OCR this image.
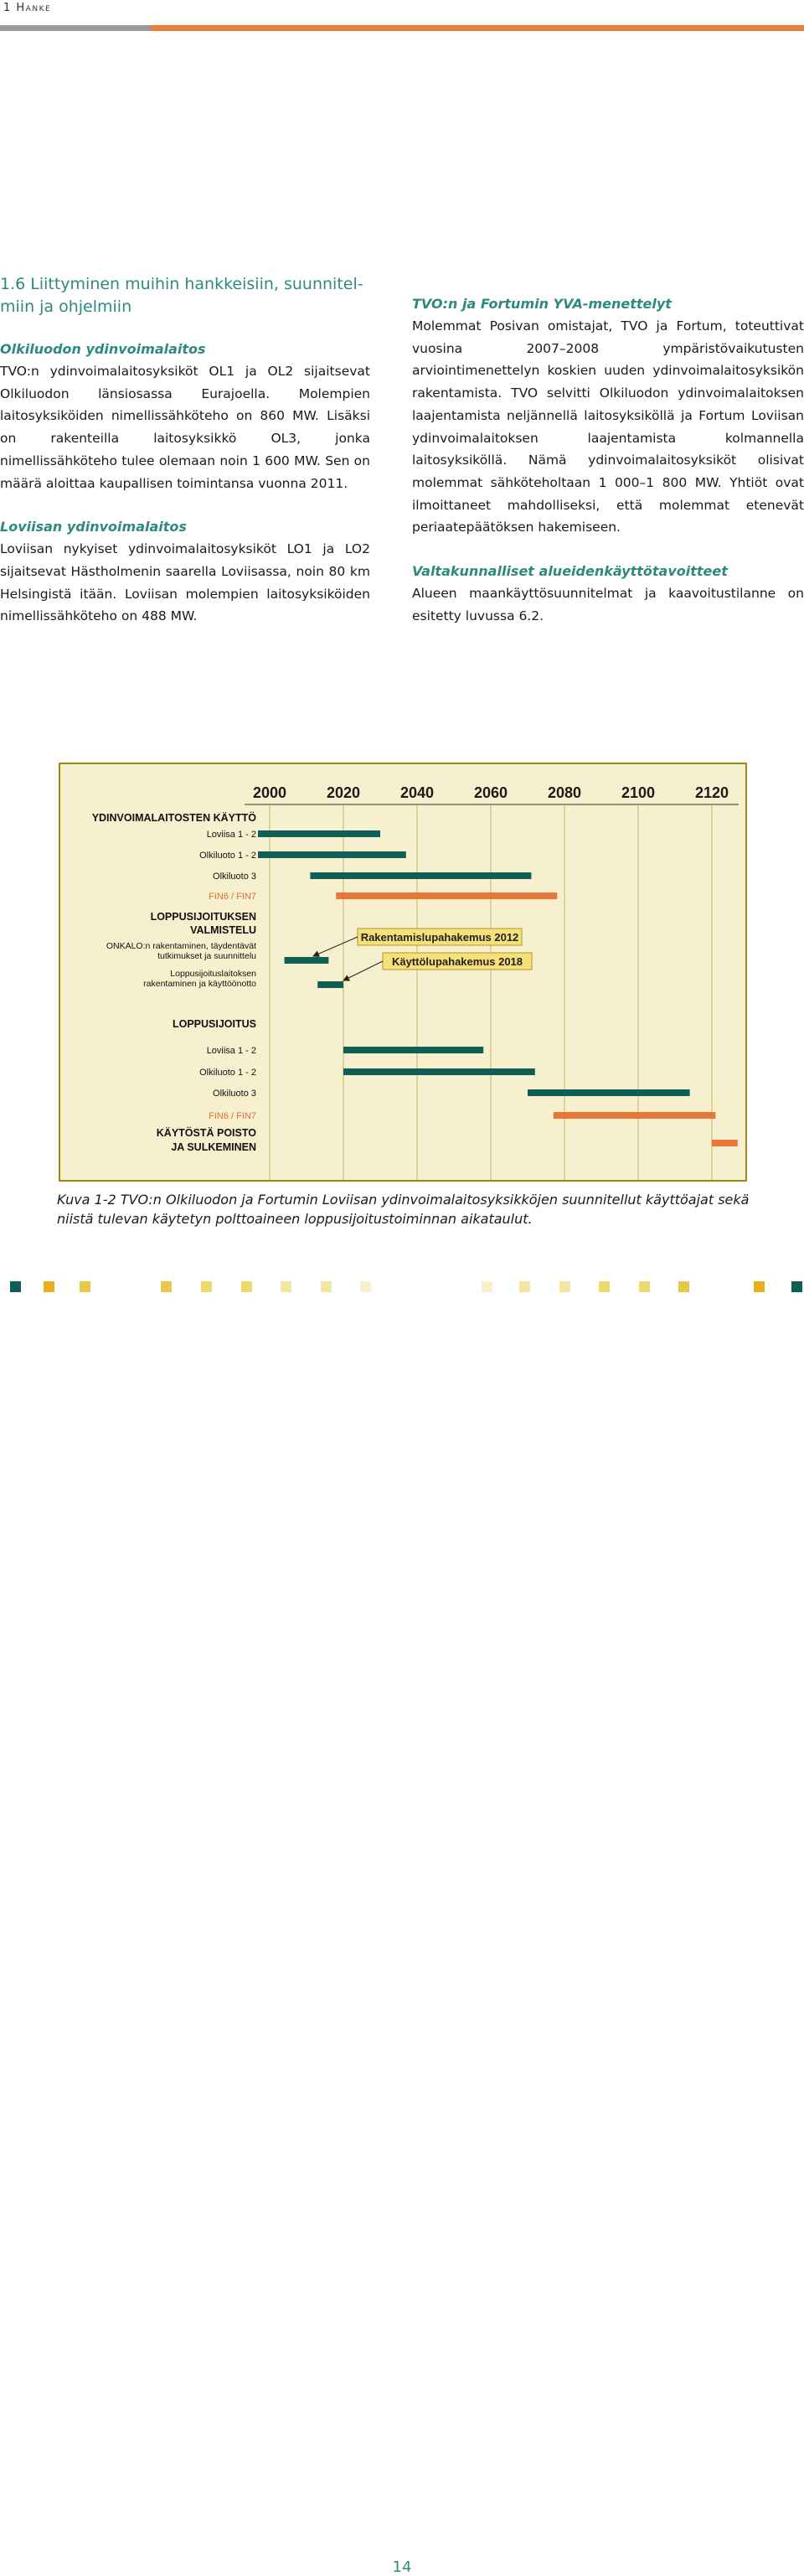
1 Hanke
1.6 Liittyminen muihin hankkeisiin, suunnitel-
miin ja ohjelmiin

Olkiluodon ydinvoimalaitos

TVO:n ydinvoimalaitosyksiköt OL1 ja OL2 sijaitsevat Olkiluodon länsiosassa Eurajoella. Molempien laitosyksiköiden nimellissähköteho on 860 MW. Lisäksi on rakenteilla laitosyksikkö OL3, jonka nimellissähköteho tulee olemaan noin 1 600 MW. Sen on määrä aloittaa kaupallisen toimintansa vuonna 2011.

Loviisan ydinvoimalaitos

Loviisan nykyiset ydinvoimalaitosyksiköt LO1 ja LO2 sijaitsevat Hästholmenin saarella Loviisassa, noin 80 km Helsingistä itään. Loviisan molempien laitosyksiköiden nimellissähköteho on 488 MW.

TVO:n ja Fortumin YVA-menettelyt

Molemmat Posivan omistajat, TVO ja Fortum, toteuttivat vuosina 2007–2008 ympäristövaikutusten arviointimenettelyn koskien uuden ydinvoimalaitosyksikön rakentamista. TVO selvitti Olkiluodon ydinvoimalaitoksen laajentamista neljännellä laitosyksiköllä ja Fortum Loviisan ydinvoimalaitoksen laajentamista kolmannella laitosyksiköllä. Nämä ydinvoimalaitosyksiköt olisivat molemmat sähköteholtaan 1 000–1 800 MW. Yhtiöt ovat ilmoittaneet mahdolliseksi, että molemmat etenevät periaatepäätöksen hakemiseen.

Valtakunnalliset alueidenkäyttötavoitteet

Alueen maankäyttösuunnitelmat ja kaavoitustilanne on esitetty luvussa 6.2.

2000	2020	2040	2060	2080	2100	2120
YDINVOIMALAITOSTEN KÄYTTÖ
LOPPUSIJOITUKSEN
VALMISTELU
LOPPUSIJOITUS
KÄYTÖSTÄ POISTO
JA SULKEMINEN
Loviisa 1 - 2
Olkiluoto 1 - 2
Olkiluoto 3
FIN6 / FIN7
ONKALO:n rakentaminen, täydentävät
tutkimukset ja suunnittelu
Loppusijoituslaitoksen
rakentaminen ja käyttöönotto
Loviisa 1 - 2
Olkiluoto 1 - 2
Olkiluoto 3
FIN6 / FIN7
Rakentamislupahakemus 2012
Käyttölupahakemus 2018
Kuva 1-2 TVO:n Olkiluodon ja Fortumin Loviisan ydinvoimalaitosyksikköjen suunnitellut käyttöajat sekä niistä tulevan käytetyn polttoaineen loppusijoitustoiminnan aikataulut.
14
